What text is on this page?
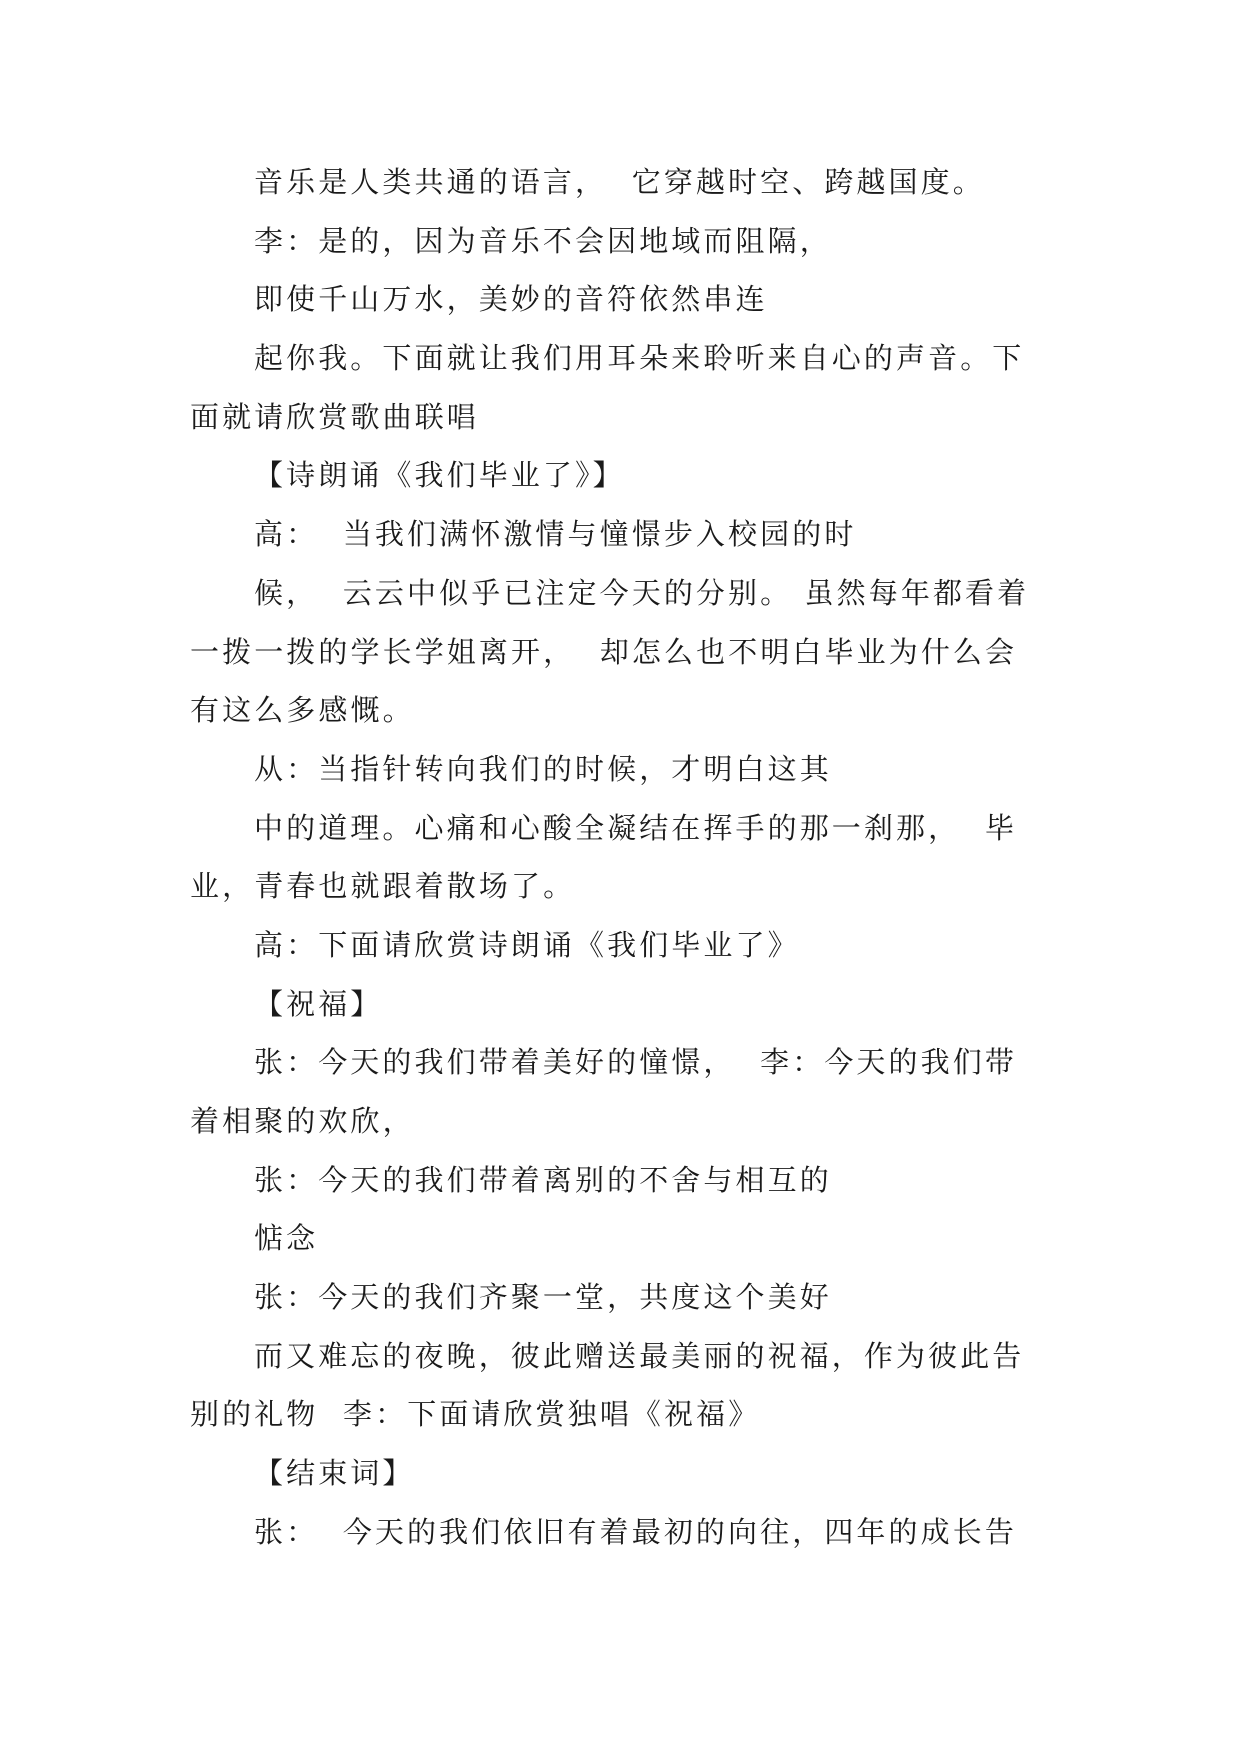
音乐是人类共通的语言，  它穿越时空、跨越国度。
李：是的，因为音乐不会因地域而阻隔，
即使千山万水，美妙的音符依然串连
起你我。下面就让我们用耳朵来聆听来自心的声音。下
面就请欣赏歌曲联唱
【诗朗诵《我们毕业了》】
高：  当我们满怀激情与憧憬步入校园的时
候，  云云中似乎已注定今天的分别。 虽然每年都看着
一拨一拨的学长学姐离开，  却怎么也不明白毕业为什么会
有这么多感慨。
从：当指针转向我们的时候，才明白这其
中的道理。心痛和心酸全凝结在挥手的那一刹那，  毕
业，青春也就跟着散场了。
高：下面请欣赏诗朗诵《我们毕业了》
【祝福】
张：今天的我们带着美好的憧憬，  李：今天的我们带
着相聚的欢欣，
张：今天的我们带着离别的不舍与相互的
惦念
张：今天的我们齐聚一堂，共度这个美好
而又难忘的夜晚，彼此赠送最美丽的祝福，作为彼此告
别的礼物  李：下面请欣赏独唱《祝福》
【结束词】
张：  今天的我们依旧有着最初的向往，四年的成长告
